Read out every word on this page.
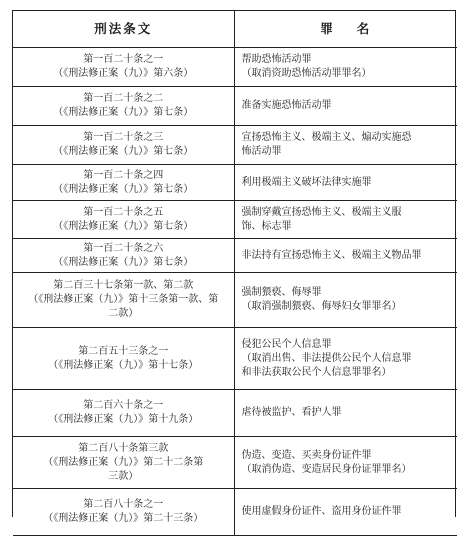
刑法条文	罪 名

第一百二十条之一
（《刑法修正案（九）》第六条）	帮助恐怖活动罪
（取消资助恐怖活动罪罪名）

第一百二十条之二
（《刑法修正案（九）》第七条）	准备实施恐怖活动罪

第一百二十条之三
（《刑法修正案（九）》第七条）	宣扬恐怖主义、极端主义、煽动实施恐
怖活动罪

第一百二十条之四
（《刑法修正案（九）》第七条）	利用极端主义破坏法律实施罪

第一百二十条之五
（《刑法修正案（九）》第七条）	强制穿戴宣扬恐怖主义、极端主义服
饰、标志罪

第一百二十条之六
（《刑法修正案（九）》第七条）	非法持有宣扬恐怖主义、极端主义物品罪

第二百三十七条第一款、第二款
（《刑法修正案（九）》第十三条第一款、第
二款）	强制猥亵、侮辱罪
（取消强制猥亵、侮辱妇女罪罪名）

第二百五十三条之一
（《刑法修正案（九）》第十七条）	侵犯公民个人信息罪
（取消出售、非法提供公民个人信息罪
和非法获取公民个人信息罪罪名）

第二百六十条之一
（《刑法修正案（九）》第十九条）	虐待被监护、看护人罪

第二百八十条第三款
（《刑法修正案（九）》第二十二条第
三款）	伪造、变造、买卖身份证件罪
（取消伪造、变造居民身份证罪罪名）

第二百八十条之一
（《刑法修正案（九）》第二十三条）	使用虚假身份证件、盗用身份证件罪
